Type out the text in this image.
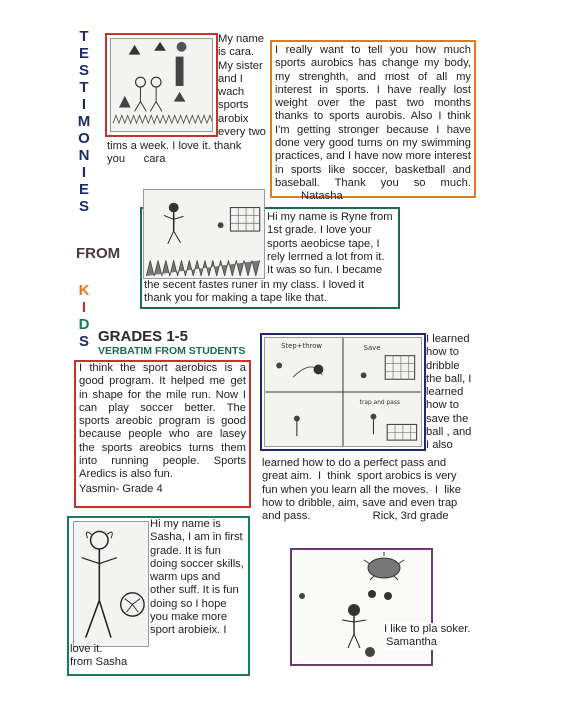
T
E
S
T
I
M
O
N
I
E
S
FROM
K
I
D
S GRADES 1-5
VERBATIM FROM STUDENTS
My name
is cara.
My sister
and I
wach
sports
arobix
every two
tims a week. I love it. thank
you      cara
I really want to tell you how much sports aurobics has change my body, my strenghth, and most of all my interest in sports. I have really lost weight over the past two months thanks to sports aurobis. Also I think I'm getting stronger because I have done very good turns on my swimming practices, and I have now more interest in sports like soccer, basketball and baseball. Thank you so much. Natasha
Hi my name is Ryne from
1st grade. I love your
sports aeobicse tape, I
rely lerrned a lot from it.
It was so fun. I became
the secent fastes runer in my class. I loved it
thank you for making a tape like that.
I think the sport aerobics is a good program. It helped me get in shape for the mile run. Now I can play soccer better. The sports areobic program is good because people who are lasey the sports areobics turns them into running people. Sports Aredics is also fun.
Yasmin- Grade 4
Step+throw	Save
trap and pass
I learned
how to
dribble
the ball, I
learned
how to
save the
ball , and
I also
learned how to do a perfect pass and
great aim.  I  think  sport arobics is very
fun when you learn all the moves.  I  like
how to dribble, aim, save and even trap
and pass.                    Rick, 3rd grade
Hi my name is
Sasha, I am in first
grade. It is fun
doing soccer skills,
warm ups and
other suff. It is fun
doing so I hope
you make more
sport arobieix. I
love it.
from Sasha
I like to pla soker.
Samantha
